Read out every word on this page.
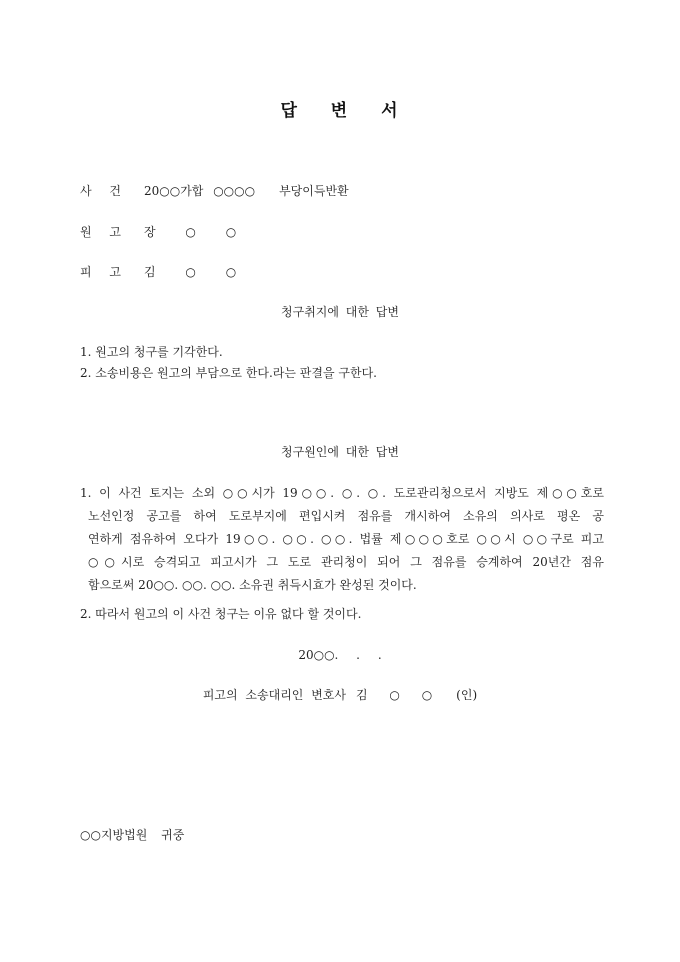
답 변 서
사 건 20○○가합 ○○○○ 부당이득반환
원 고 장 ○ ○
피 고 김 ○ ○
청구취지에 대한 답변
1. 원고의 청구를 기각한다.
2. 소송비용은 원고의 부담으로 한다.라는 판결을 구한다.
청구원인에 대한 답변
1. 이 사건 토지는 소외 ○○시가 19○○. ○. ○. 도로관리청으로서 지방도 제○○호로
노선인정 공고를 하여 도로부지에 편입시켜 점유를 개시하여 소유의 의사로 평온 공
연하게 점유하여 오다가 19○○. ○○. ○○. 법률 제○○○호로 ○○시 ○○구로 피고
○○시로 승격되고 피고시가 그 도로 관리청이 되어 그 점유를 승계하여 20년간 점유
함으로써 20○○. ○○. ○○. 소유권 취득시효가 완성된 것이다.
2. 따라서 원고의 이 사건 청구는 이유 없다 할 것이다.
20○○. . .
피고의 소송대리인 변호사 김 ○ ○ (인)
○○지방법원 귀중
